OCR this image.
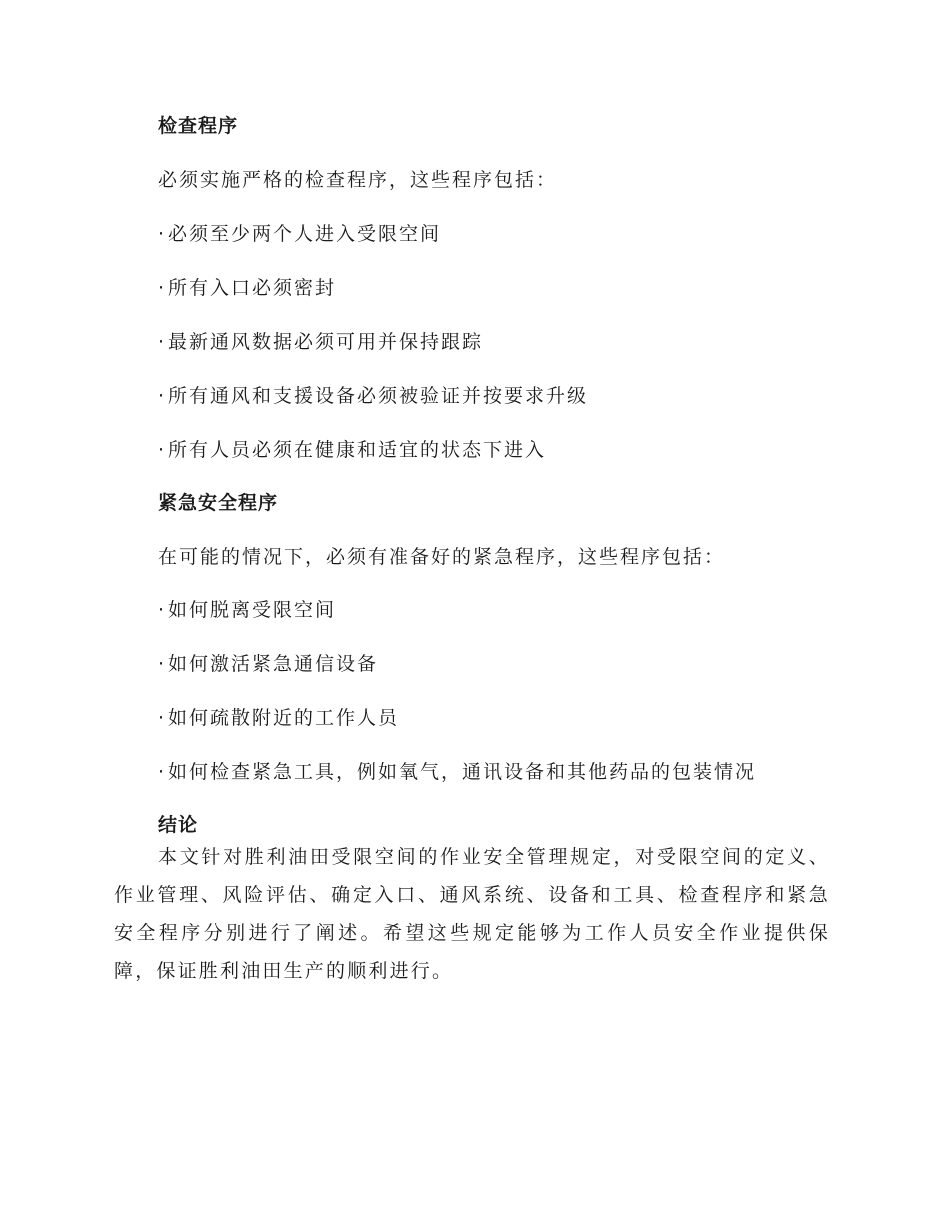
检查程序

必须实施严格的检查程序，这些程序包括：

· 必须至少两个人进入受限空间

· 所有入口必须密封

· 最新通风数据必须可用并保持跟踪

· 所有通风和支援设备必须被验证并按要求升级

· 所有人员必须在健康和适宜的状态下进入

紧急安全程序

在可能的情况下，必须有准备好的紧急程序，这些程序包括：

· 如何脱离受限空间

· 如何激活紧急通信设备

· 如何疏散附近的工作人员

· 如何检查紧急工具，例如氧气，通讯设备和其他药品的包装情况

结论

本文针对胜利油田受限空间的作业安全管理规定，对受限空间的定义、作业管理、风险评估、确定入口、通风系统、设备和工具、检查程序和紧急安全程序分别进行了阐述。希望这些规定能够为工作人员安全作业提供保障，保证胜利油田生产的顺利进行。
